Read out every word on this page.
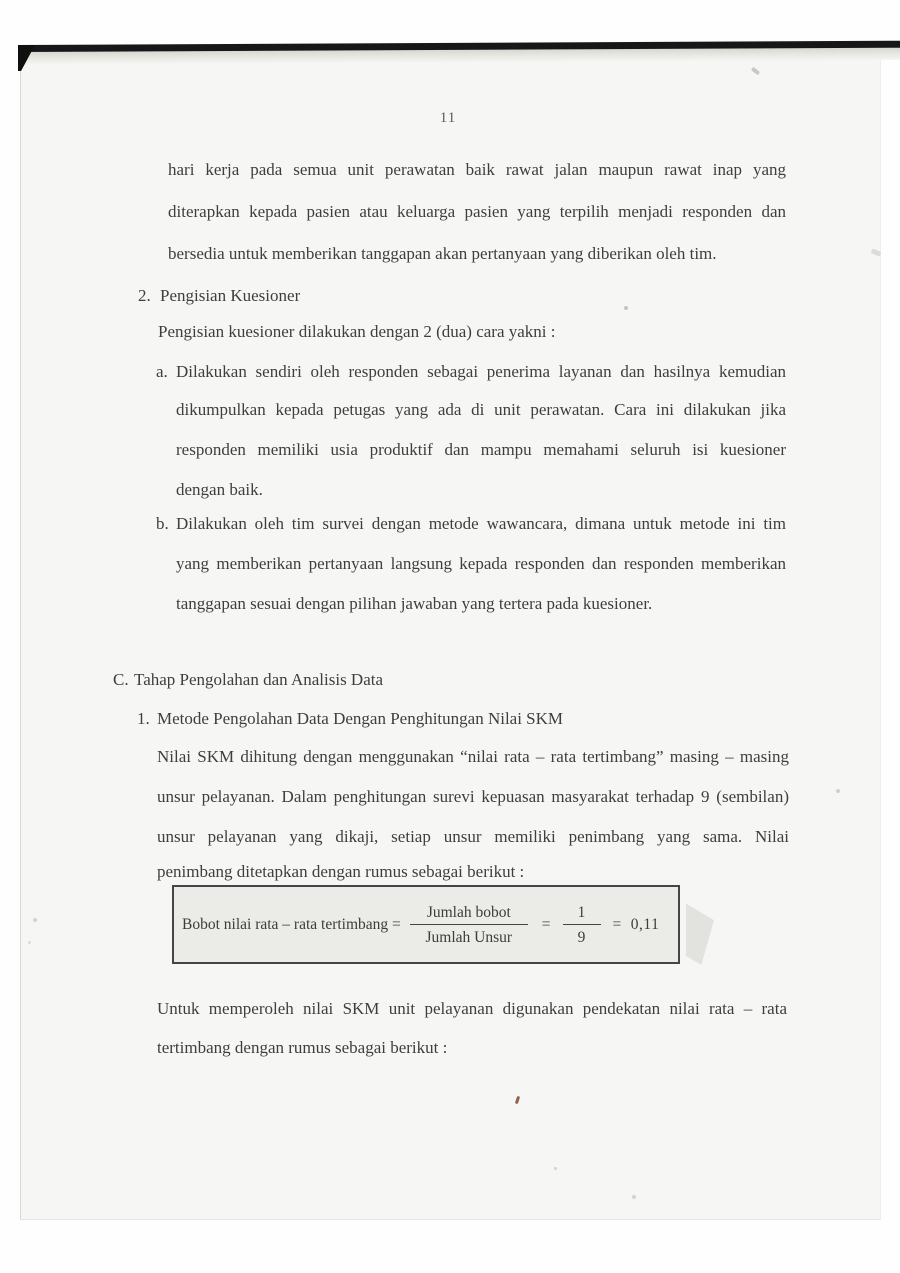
11
hari kerja pada semua unit perawatan baik rawat jalan maupun rawat inap yang
diterapkan kepada pasien atau keluarga pasien yang terpilih menjadi responden dan
bersedia untuk memberikan tanggapan akan pertanyaan yang diberikan oleh tim.
2. Pengisian Kuesioner
Pengisian kuesioner dilakukan dengan 2 (dua) cara yakni :
a. Dilakukan sendiri oleh responden sebagai penerima layanan dan hasilnya kemudian
dikumpulkan kepada petugas yang ada di unit perawatan. Cara ini dilakukan jika
responden memiliki usia produktif dan mampu memahami seluruh isi kuesioner
dengan baik.
b. Dilakukan oleh tim survei dengan metode wawancara, dimana untuk metode ini tim
yang memberikan pertanyaan langsung kepada responden dan responden memberikan
tanggapan sesuai dengan pilihan jawaban yang tertera pada kuesioner.
C. Tahap Pengolahan dan Analisis Data
1. Metode Pengolahan Data Dengan Penghitungan Nilai SKM
Nilai SKM dihitung dengan menggunakan “nilai rata – rata tertimbang” masing – masing
unsur pelayanan. Dalam penghitungan surevi kepuasan masyarakat terhadap 9 (sembilan)
unsur pelayanan yang dikaji, setiap unsur memiliki penimbang yang sama. Nilai
penimbang ditetapkan dengan rumus sebagai berikut :
Bobot nilai rata – rata tertimbang = $\frac{\text{Jumlah bobot}}{\text{Jumlah Unsur}} = \frac{1}{9} = 0,11$
Untuk memperoleh nilai SKM unit pelayanan digunakan pendekatan nilai rata – rata
tertimbang dengan rumus sebagai berikut :
